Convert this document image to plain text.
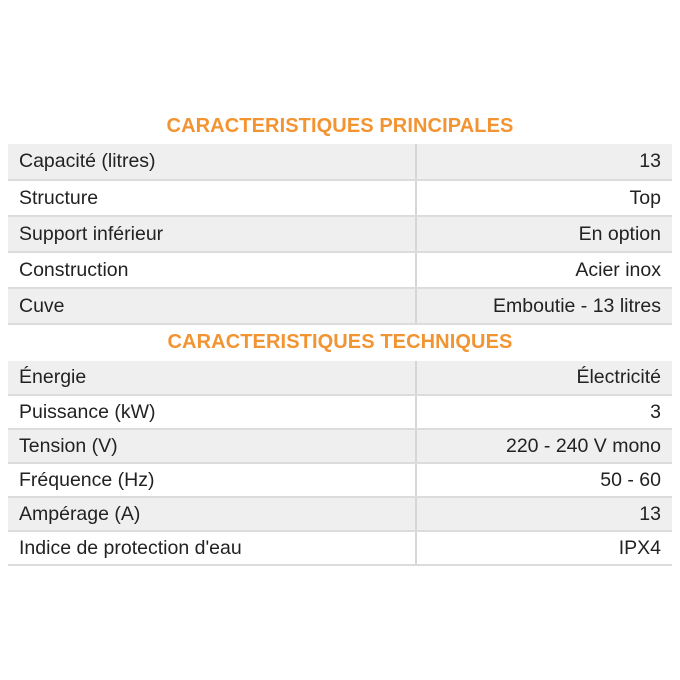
CARACTERISTIQUES PRINCIPALES
Capacité (litres)	13
Structure	Top
Support inférieur	En option
Construction	Acier inox
Cuve	Emboutie - 13 litres
CARACTERISTIQUES TECHNIQUES
Énergie	Électricité
Puissance (kW)	3
Tension (V)	220 - 240 V mono
Fréquence (Hz)	50 - 60
Ampérage (A)	13
Indice de protection d'eau	IPX4
